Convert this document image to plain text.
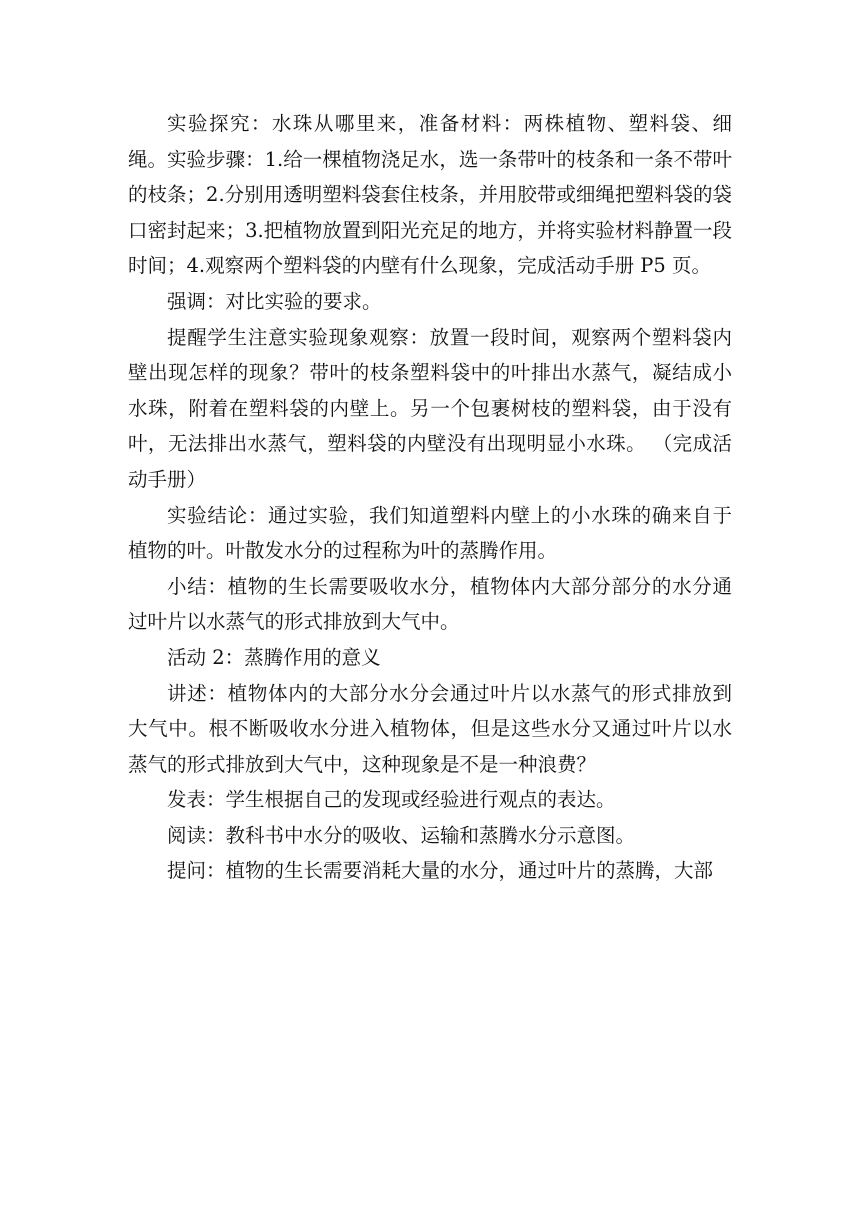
实验探究：水珠从哪里来，准备材料：两株植物、塑料袋、细绳。实验步骤：1.给一棵植物浇足水，选一条带叶的枝条和一条不带叶的枝条；2.分别用透明塑料袋套住枝条，并用胶带或细绳把塑料袋的袋口密封起来；3.把植物放置到阳光充足的地方，并将实验材料静置一段时间；4.观察两个塑料袋的内壁有什么现象，完成活动手册 P5 页。

强调：对比实验的要求。

提醒学生注意实验现象观察：放置一段时间，观察两个塑料袋内壁出现怎样的现象？带叶的枝条塑料袋中的叶排出水蒸气，凝结成小水珠，附着在塑料袋的内壁上。另一个包裹树枝的塑料袋，由于没有叶，无法排出水蒸气，塑料袋的内壁没有出现明显小水珠。 （完成活动手册）

实验结论：通过实验，我们知道塑料内壁上的小水珠的确来自于植物的叶。叶散发水分的过程称为叶的蒸腾作用。

小结：植物的生长需要吸收水分，植物体内大部分部分的水分通过叶片以水蒸气的形式排放到大气中。

活动 2：蒸腾作用的意义

讲述：植物体内的大部分水分会通过叶片以水蒸气的形式排放到大气中。根不断吸收水分进入植物体，但是这些水分又通过叶片以水蒸气的形式排放到大气中，这种现象是不是一种浪费？

发表：学生根据自己的发现或经验进行观点的表达。

阅读：教科书中水分的吸收、运输和蒸腾水分示意图。

提问：植物的生长需要消耗大量的水分，通过叶片的蒸腾，大部
